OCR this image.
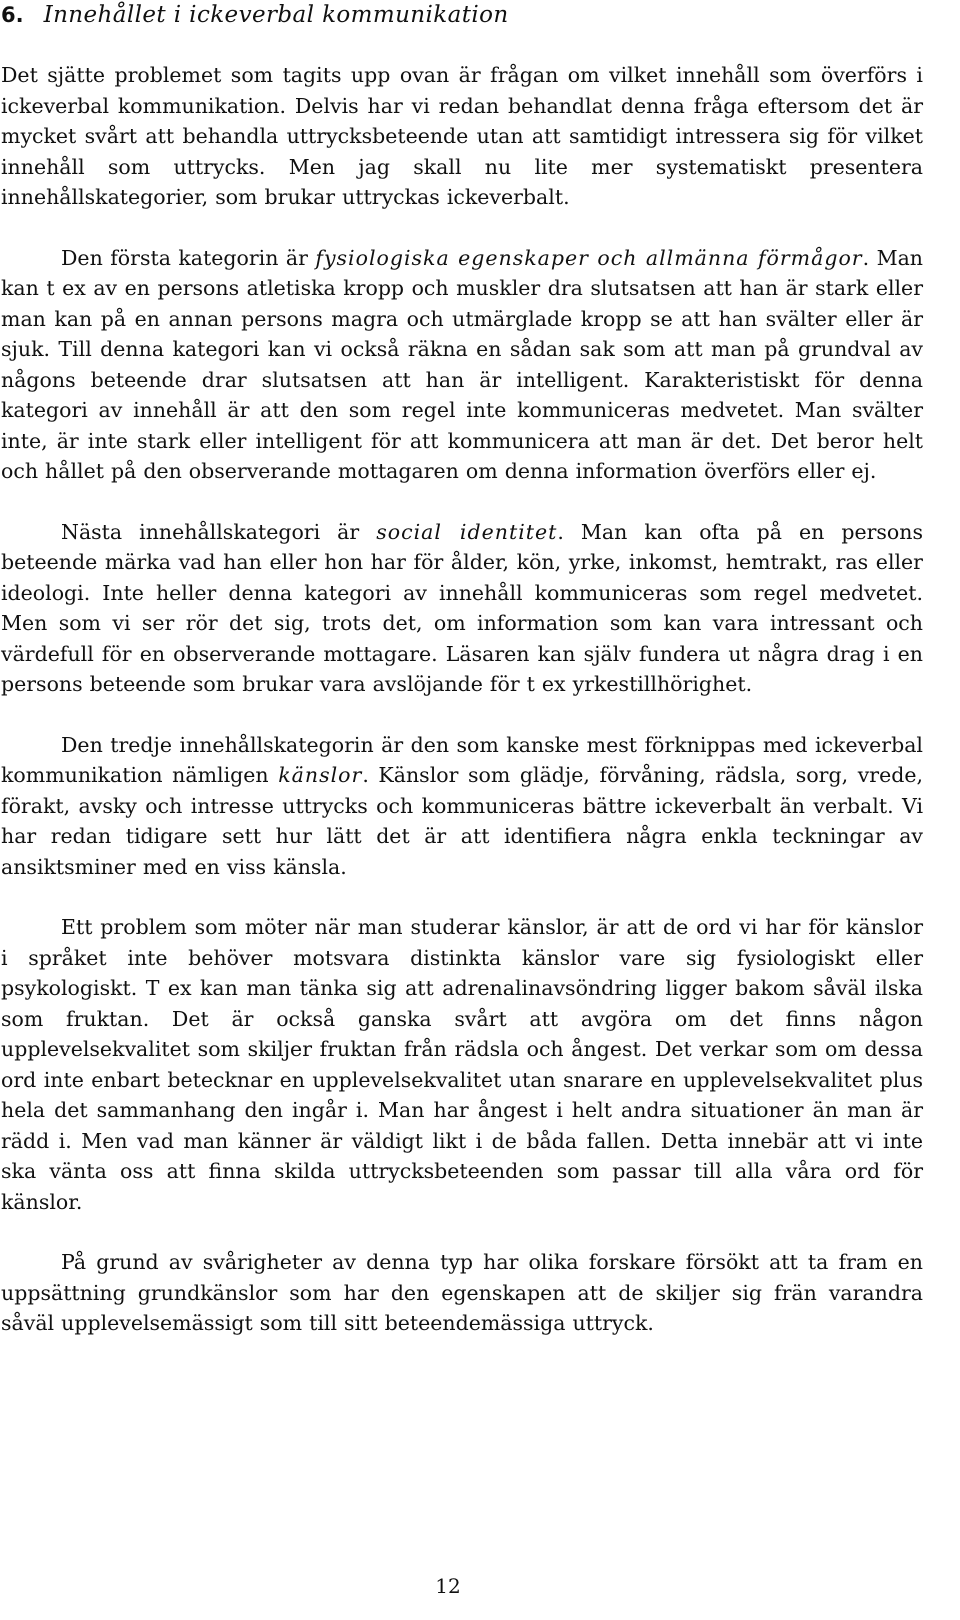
6. Innehållet i ickeverbal kommunikation

Det sjätte problemet som tagits upp ovan är frågan om vilket innehåll som överförs i ickeverbal kommunikation. Delvis har vi redan behandlat denna fråga eftersom det är mycket svårt att behandla uttrycksbeteende utan att samtidigt intressera sig för vilket innehåll som uttrycks. Men jag skall nu lite mer systematiskt presentera innehållskategorier, som brukar uttryckas ickeverbalt.

Den första kategorin är fysiologiska egenskaper och allmänna förmågor. Man kan t ex av en persons atletiska kropp och muskler dra slutsatsen att han är stark eller man kan på en annan persons magra och utmärglade kropp se att han svälter eller är sjuk. Till denna kategori kan vi också räkna en sådan sak som att man på grundval av någons beteende drar slutsatsen att han är intelligent. Karakteristiskt för denna kategori av innehåll är att den som regel inte kommuniceras medvetet. Man svälter inte, är inte stark eller intelligent för att kommunicera att man är det. Det beror helt och hållet på den observerande mottagaren om denna information överförs eller ej.

Nästa innehållskategori är social identitet. Man kan ofta på en persons beteende märka vad han eller hon har för ålder, kön, yrke, inkomst, hemtrakt, ras eller ideologi. Inte heller denna kategori av innehåll kommuniceras som regel medvetet. Men som vi ser rör det sig, trots det, om information som kan vara intressant och värdefull för en observerande mottagare. Läsaren kan själv fundera ut några drag i en persons beteende som brukar vara avslöjande för t ex yrkestillhörighet.

Den tredje innehållskategorin är den som kanske mest förknippas med ickeverbal kommunikation nämligen känslor. Känslor som glädje, förvåning, rädsla, sorg, vrede, förakt, avsky och intresse uttrycks och kommuniceras bättre ickeverbalt än verbalt. Vi har redan tidigare sett hur lätt det är att identifiera några enkla teckningar av ansiktsminer med en viss känsla.

Ett problem som möter när man studerar känslor, är att de ord vi har för känslor i språket inte behöver motsvara distinkta känslor vare sig fysiologiskt eller psykologiskt. T ex kan man tänka sig att adrenalinavsöndring ligger bakom såväl ilska som fruktan. Det är också ganska svårt att avgöra om det finns någon upplevelsekvalitet som skiljer fruktan från rädsla och ångest. Det verkar som om dessa ord inte enbart betecknar en upplevelsekvalitet utan snarare en upplevelsekvalitet plus hela det sammanhang den ingår i. Man har ångest i helt andra situationer än man är rädd i. Men vad man känner är väldigt likt i de båda fallen. Detta innebär att vi inte ska vänta oss att finna skilda uttrycksbeteenden som passar till alla våra ord för känslor.

På grund av svårigheter av denna typ har olika forskare försökt att ta fram en uppsättning grundkänslor som har den egenskapen att de skiljer sig frän varandra såväl upplevelsemässigt som till sitt beteendemässiga uttryck.

12
